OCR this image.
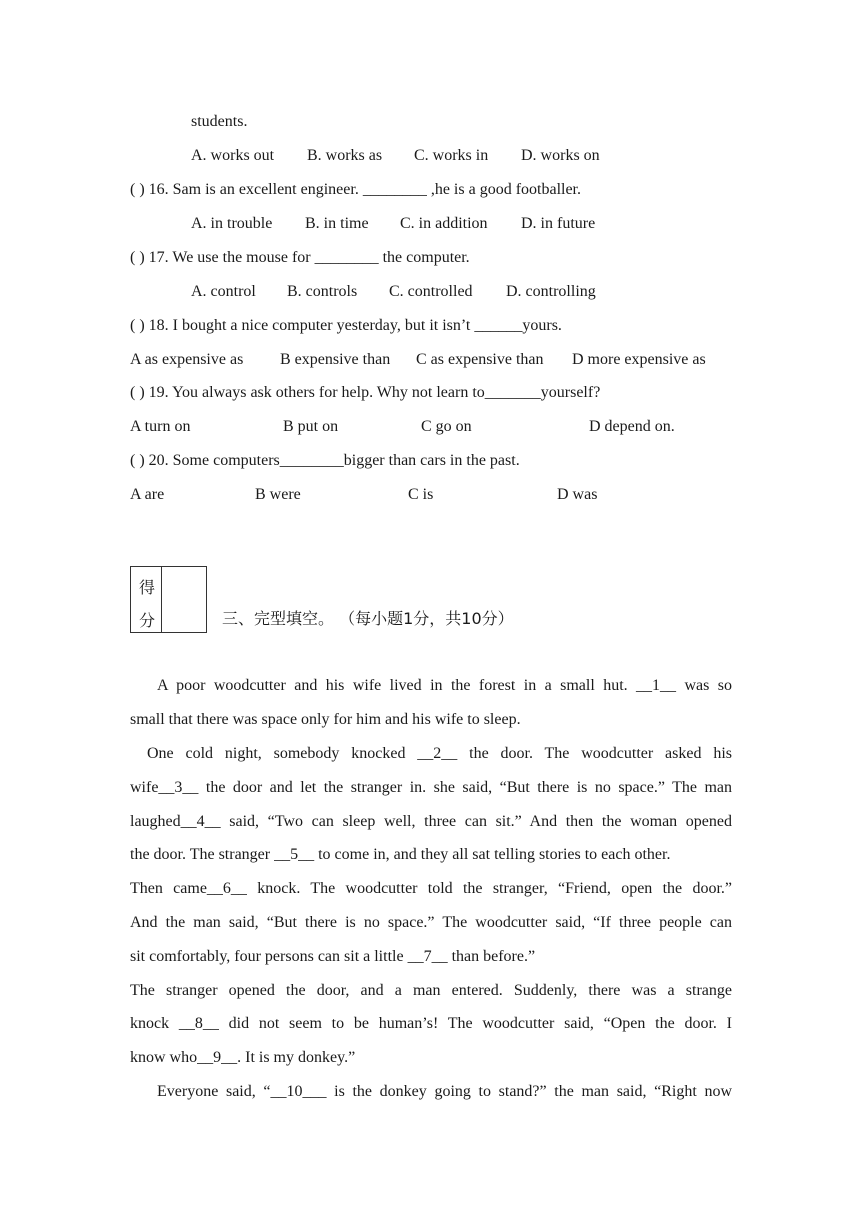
students.
A. works out B. works as C. works in D. works on
( ) 16. Sam is an excellent engineer. ________ ,he is a good footballer.
A. in trouble B. in time C. in addition D. in future
( ) 17. We use the mouse for ________ the computer.
A. control B. controls C. controlled D. controlling
( ) 18. I bought a nice computer yesterday, but it isn’t ______yours.
A as expensive as B expensive than C as expensive than D more expensive as
( ) 19. You always ask others for help. Why not learn to_______yourself?
A turn on	B put on	C go on	D depend on.
( ) 20. Some computers________bigger than cars in the past.
A are	B were	C is	D was
得
分	三、完型填空。 （每小题1分，共10分）
A poor woodcutter and his wife lived in the forest in a small hut. __1__ was so
small that there was space only for him and his wife to sleep.
One cold night, somebody knocked __2__ the door. The woodcutter asked his
wife__3__ the door and let the stranger in. she said, “But there is no space.” The man
laughed__4__ said, “Two can sleep well, three can sit.” And then the woman opened
the door. The stranger __5__ to come in, and they all sat telling stories to each other.
Then came__6__ knock. The woodcutter told the stranger, “Friend, open the door.”
And the man said, “But there is no space.” The woodcutter said, “If three people can
sit comfortably, four persons can sit a little __7__ than before.”
The stranger opened the door, and a man entered. Suddenly, there was a strange
knock __8__ did not seem to be human’s! The woodcutter said, “Open the door. I
know who__9__. It is my donkey.”
Everyone said, “__10___ is the donkey going to stand?” the man said, “Right now
